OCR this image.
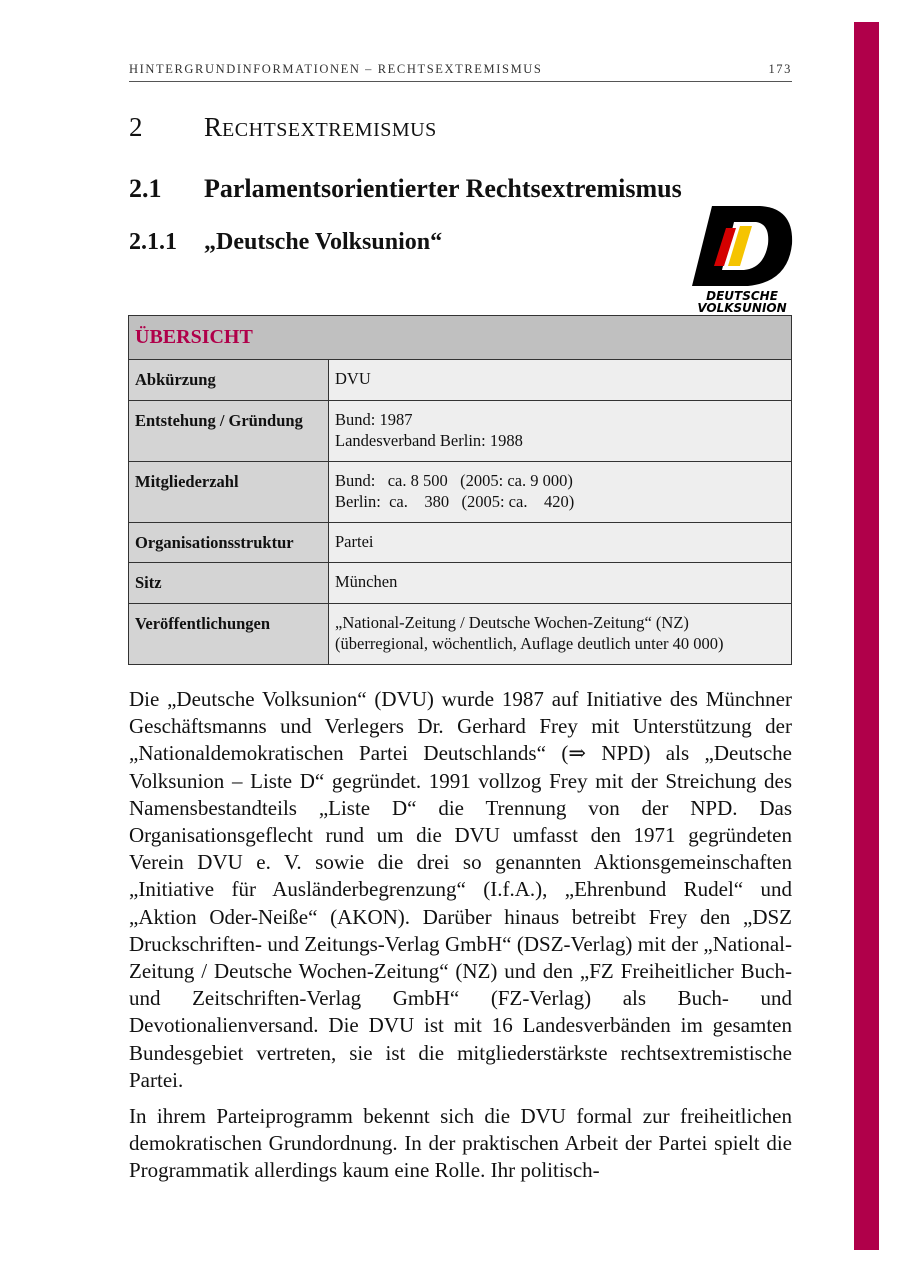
HINTERGRUNDINFORMATIONEN – RECHTSEXTREMISMUS	173
2 RECHTSEXTREMISMUS
2.1 Parlamentsorientierter Rechtsextremismus
2.1.1 „Deutsche Volksunion“
DEUTSCHE
VOLKSUNION
ÜBERSICHT	
Abkürzung	DVU

Entstehung / Gründung	Bund: 1987
Landesverband Berlin: 1988

Mitgliederzahl	Bund:   ca. 8 500   (2005: ca. 9 000)
Berlin:  ca.    380   (2005: ca.    420)

Organisationsstruktur	Partei

Sitz	München

Veröffentlichungen	„National-Zeitung / Deutsche Wochen-Zeitung“ (NZ)
(überregional, wöchentlich, Auflage deutlich unter 40 000)

Die „Deutsche Volksunion“ (DVU) wurde 1987 auf Initiative des Münchner Geschäftsmanns und Verlegers Dr. Gerhard Frey mit Unterstützung der „Nationaldemokratischen Partei Deutschlands“ (⇒ NPD) als „Deutsche Volksunion – Liste D“ gegründet. 1991 vollzog Frey mit der Streichung des Namensbestandteils „Liste D“ die Trennung von der NPD. Das Organisationsgeflecht rund um die DVU umfasst den 1971 gegründeten Verein DVU e. V. sowie die drei so genannten Aktionsgemeinschaften „Initiative für Ausländerbegrenzung“ (I.f.A.), „Ehrenbund Rudel“ und „Aktion Oder-Neiße“ (AKON). Darüber hinaus betreibt Frey den „DSZ Druckschriften- und Zeitungs-Verlag GmbH“ (DSZ-Verlag) mit der „National-Zeitung / Deutsche Wochen-Zeitung“ (NZ) und den „FZ Freiheitlicher Buch- und Zeitschriften-Verlag GmbH“ (FZ-Verlag) als Buch- und Devotionalienversand. Die DVU ist mit 16 Landesverbänden im gesamten Bundesgebiet vertreten, sie ist die mitgliederstärkste rechtsextremistische Partei.

In ihrem Parteiprogramm bekennt sich die DVU formal zur freiheitlichen demokratischen Grundordnung. In der praktischen Arbeit der Partei spielt die Programmatik allerdings kaum eine Rolle. Ihr politisch-
